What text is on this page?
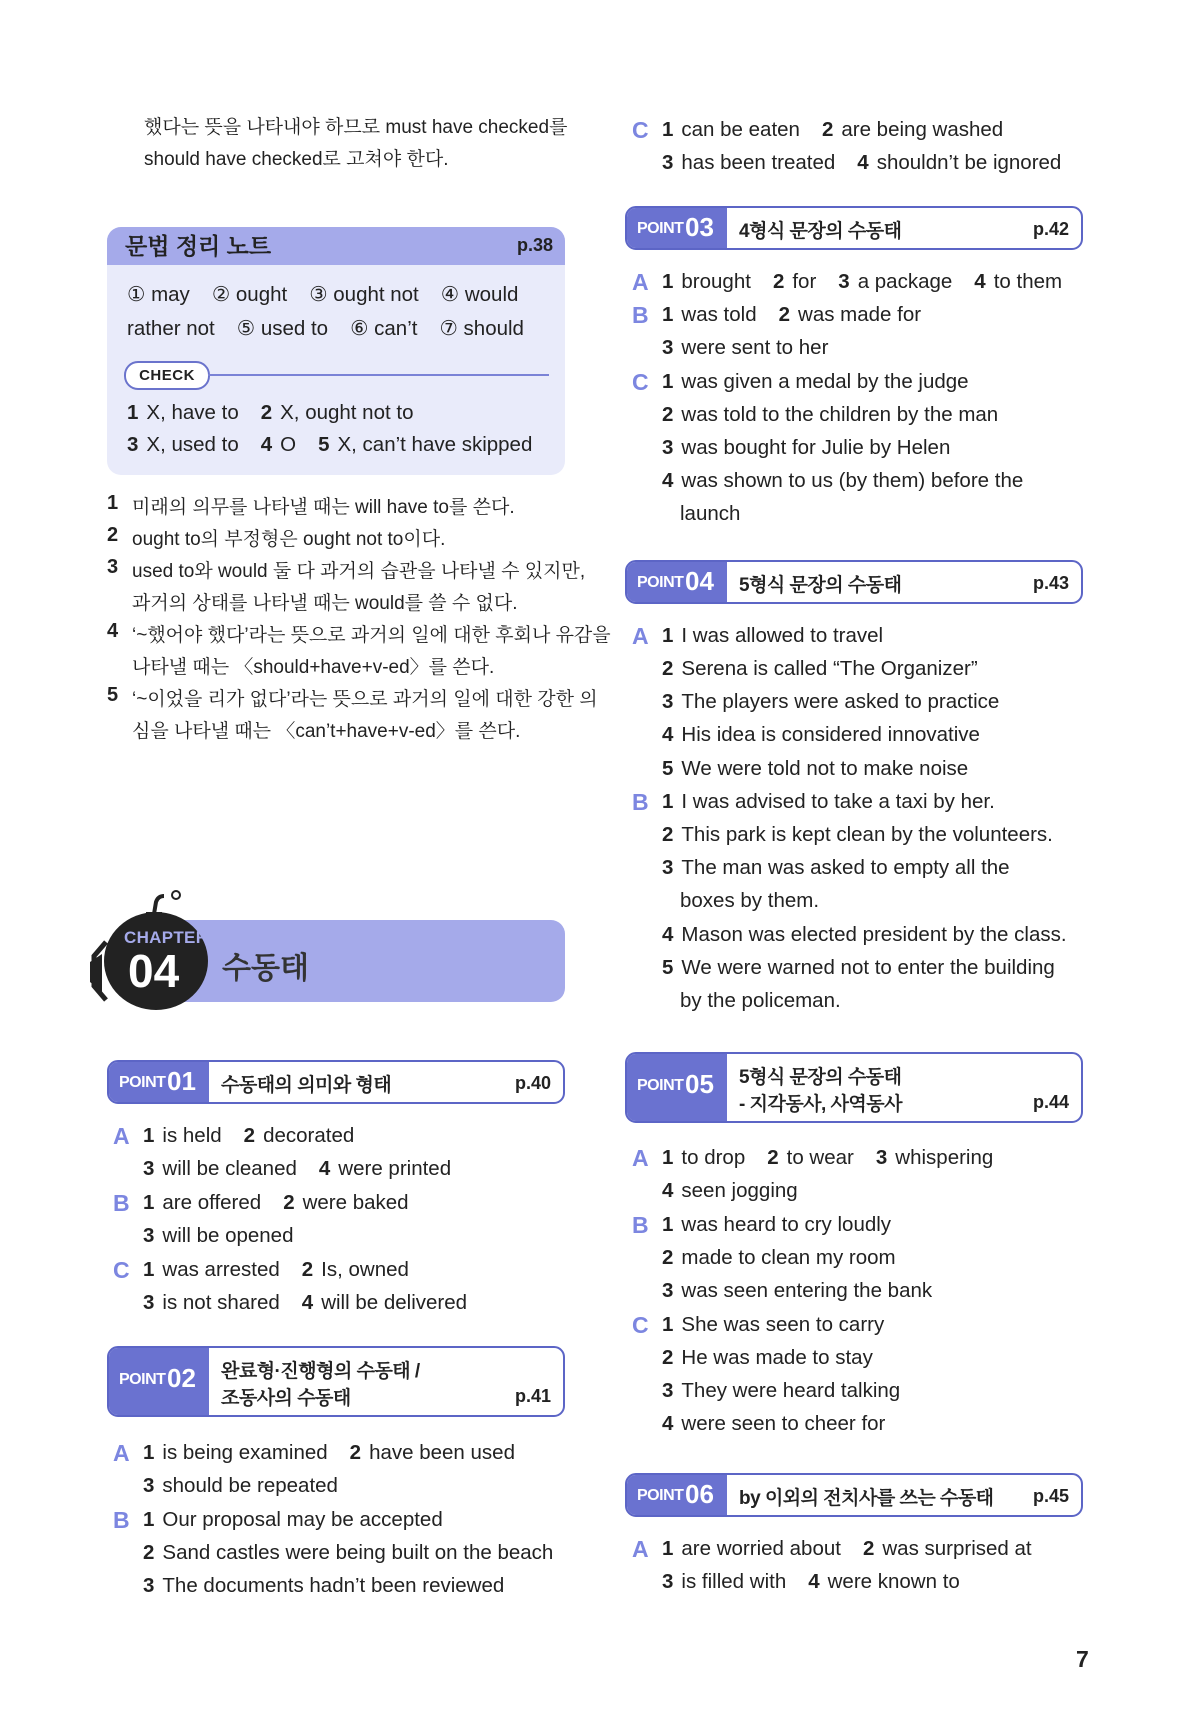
했다는 뜻을 나타내야 하므로 must have checked를
should have checked로 고쳐야 한다.
문법 정리 노트	p.38
① may ② ought ③ ought not ④ would
rather not ⑤ used to ⑥ can’t ⑦ should
CHECK
1 X, have to 2 X, ought not to
3 X, used to 4 O 5 X, can’t have skipped
1 미래의 의무를 나타낼 때는 will have to를 쓴다.
2 ought to의 부정형은 ought not to이다.
3 used to와 would 둘 다 과거의 습관을 나타낼 수 있지만,
과거의 상태를 나타낼 때는 would를 쓸 수 없다.
4 ‘~했어야 했다’라는 뜻으로 과거의 일에 대한 후회나 유감을
나타낼 때는 〈should+have+v-ed〉를 쓴다.
5 ‘~이었을 리가 없다’라는 뜻으로 과거의 일에 대한 강한 의
심을 나타낼 때는 〈can’t+have+v-ed〉를 쓴다.
수동태
CHAPTER
04
POINT 01 수동태의 의미와 형태	p.40
A 1 is held 2 decorated
3 will be cleaned 4 were printed
B 1 are offered 2 were baked
3 will be opened
C 1 was arrested 2 Is, owned
3 is not shared 4 will be delivered
POINT 02 완료형·진행형의 수동태 /
조동사의 수동태	p.41
A 1 is being examined 2 have been used
3 should be repeated
B 1 Our proposal may be accepted
2 Sand castles were being built on the beach
3 The documents hadn’t been reviewed
C 1 can be eaten 2 are being washed
3 has been treated 4 shouldn’t be ignored
POINT 03 4형식 문장의 수동태	p.42
A 1 brought 2 for 3 a package 4 to them
B 1 was told 2 was made for
3 were sent to her
C 1 was given a medal by the judge
2 was told to the children by the man
3 was bought for Julie by Helen
4 was shown to us (by them) before the
launch
POINT 04 5형식 문장의 수동태	p.43
A 1 I was allowed to travel
2 Serena is called “The Organizer”
3 The players were asked to practice
4 His idea is considered innovative
5 We were told not to make noise
B 1 I was advised to take a taxi by her.
2 This park is kept clean by the volunteers.
3 The man was asked to empty all the
boxes by them.
4 Mason was elected president by the class.
5 We were warned not to enter the building
by the policeman.
POINT 05 5형식 문장의 수동태
- 지각동사, 사역동사	p.44
A 1 to drop 2 to wear 3 whispering
4 seen jogging
B 1 was heard to cry loudly
2 made to clean my room
3 was seen entering the bank
C 1 She was seen to carry
2 He was made to stay
3 They were heard talking
4 were seen to cheer for
POINT 06 by 이외의 전치사를 쓰는 수동태 p.45
A 1 are worried about 2 was surprised at
3 is filled with 4 were known to
7
